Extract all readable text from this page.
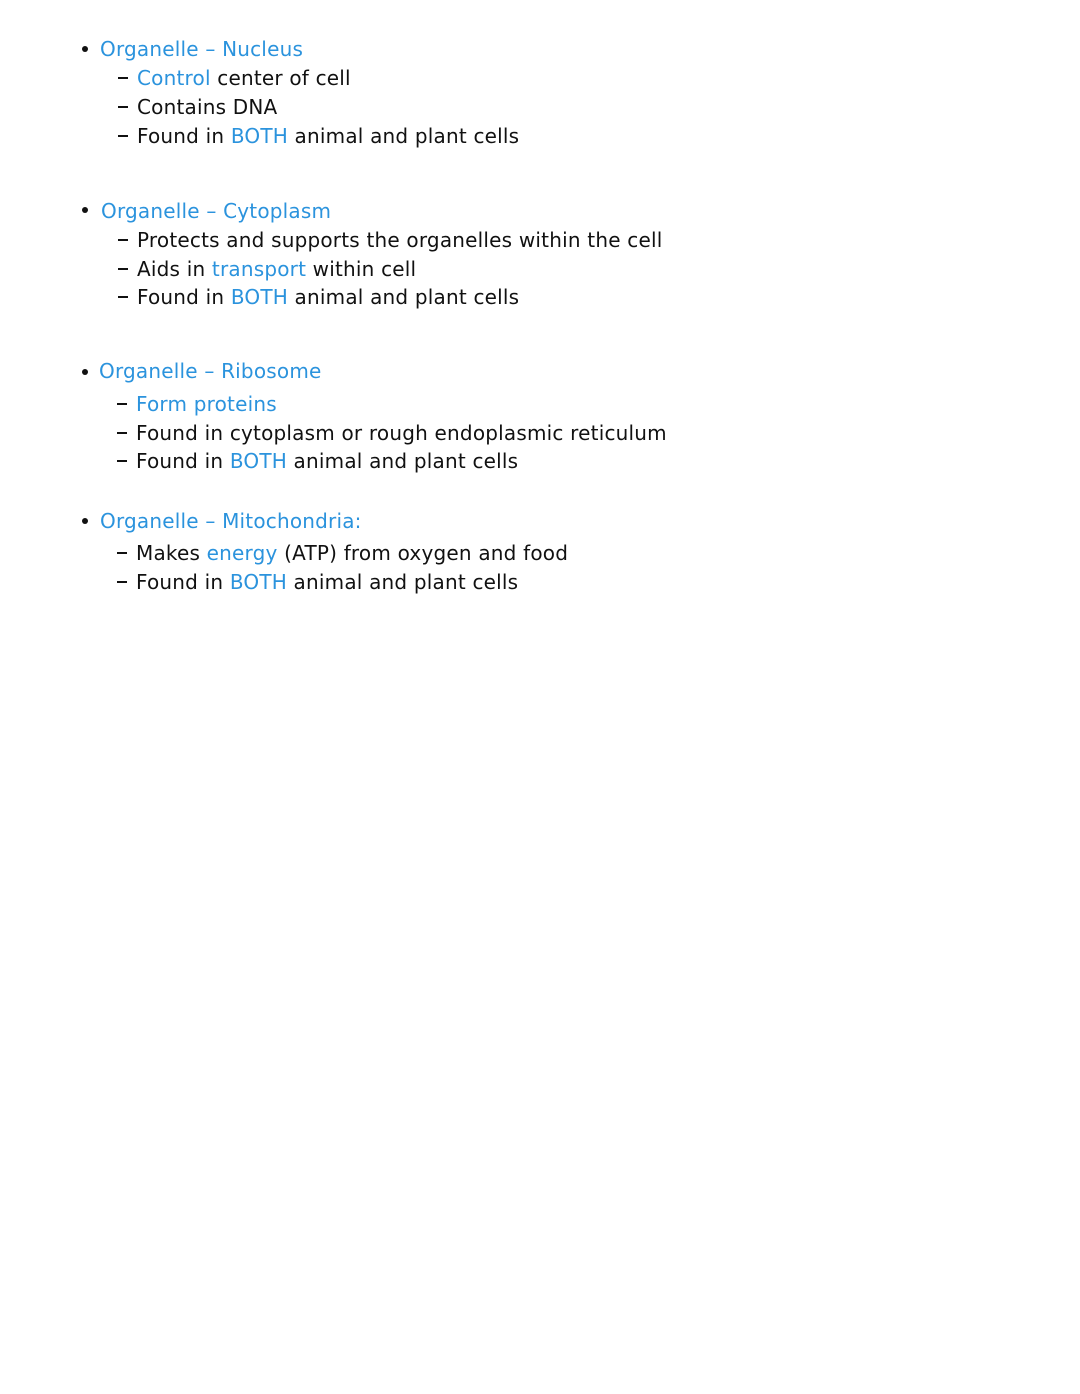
Organelle – Nucleus
Control center of cell
Contains DNA
Found in BOTH animal and plant cells
Organelle – Cytoplasm
Protects and supports the organelles within the cell
Aids in transport within cell
Found in BOTH animal and plant cells
Organelle – Ribosome
Form proteins
Found in cytoplasm or rough endoplasmic reticulum
Found in BOTH animal and plant cells
Organelle – Mitochondria:
Makes energy (ATP) from oxygen and food
Found in BOTH animal and plant cells
